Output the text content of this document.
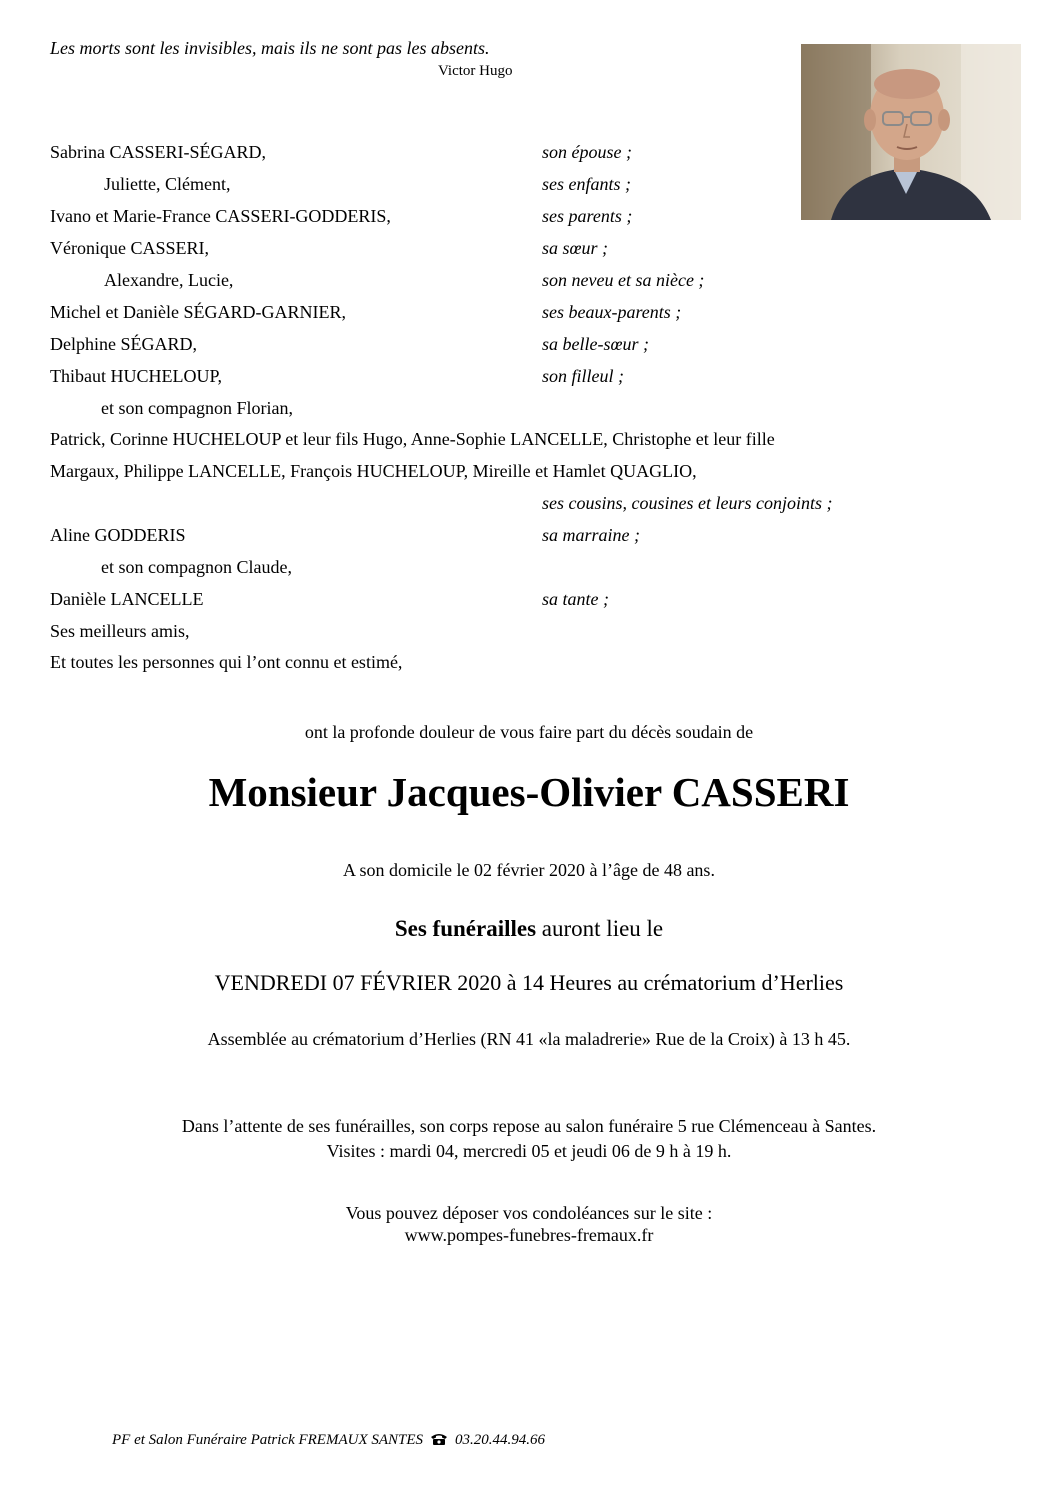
Les morts sont les invisibles, mais ils ne sont pas les absents.
Victor Hugo
Sabrina CASSERI-SÉGARD,	son épouse ;
Juliette, Clément,	ses enfants ;
Ivano et Marie-France CASSERI-GODDERIS,	ses parents ;
Véronique CASSERI,	sa sœur ;
Alexandre, Lucie,	son neveu et sa nièce ;
Michel et Danièle SÉGARD-GARNIER,	ses beaux-parents ;
Delphine SÉGARD,	sa belle-sœur ;
Thibaut HUCHELOUP,	son filleul ;
et son compagnon Florian,
Patrick, Corinne HUCHELOUP et leur fils Hugo, Anne-Sophie LANCELLE, Christophe et leur fille
Margaux, Philippe LANCELLE, François HUCHELOUP, Mireille et Hamlet QUAGLIO,
ses cousins, cousines et leurs conjoints ;
Aline GODDERIS	sa marraine ;
et son compagnon Claude,
Danièle LANCELLE	sa tante ;
Ses meilleurs amis,
Et toutes les personnes qui l’ont connu et estimé,
ont la profonde douleur de vous faire part du décès soudain de
Monsieur Jacques-Olivier CASSERI
A son domicile le 02 février 2020 à l’âge de 48 ans.
Ses funérailles auront lieu le
VENDREDI 07 FÉVRIER 2020 à 14 Heures au crématorium d’Herlies
Assemblée au crématorium d’Herlies (RN 41 «la maladrerie» Rue de la Croix) à 13 h 45.
Dans l’attente de ses funérailles, son corps repose au salon funéraire 5 rue Clémenceau à Santes.
Visites : mardi 04, mercredi 05 et jeudi 06 de 9 h à 19 h.
Vous pouvez déposer vos condoléances sur le site :
www.pompes-funebres-fremaux.fr
PF et Salon Funéraire Patrick FREMAUX SANTES 03.20.44.94.66
